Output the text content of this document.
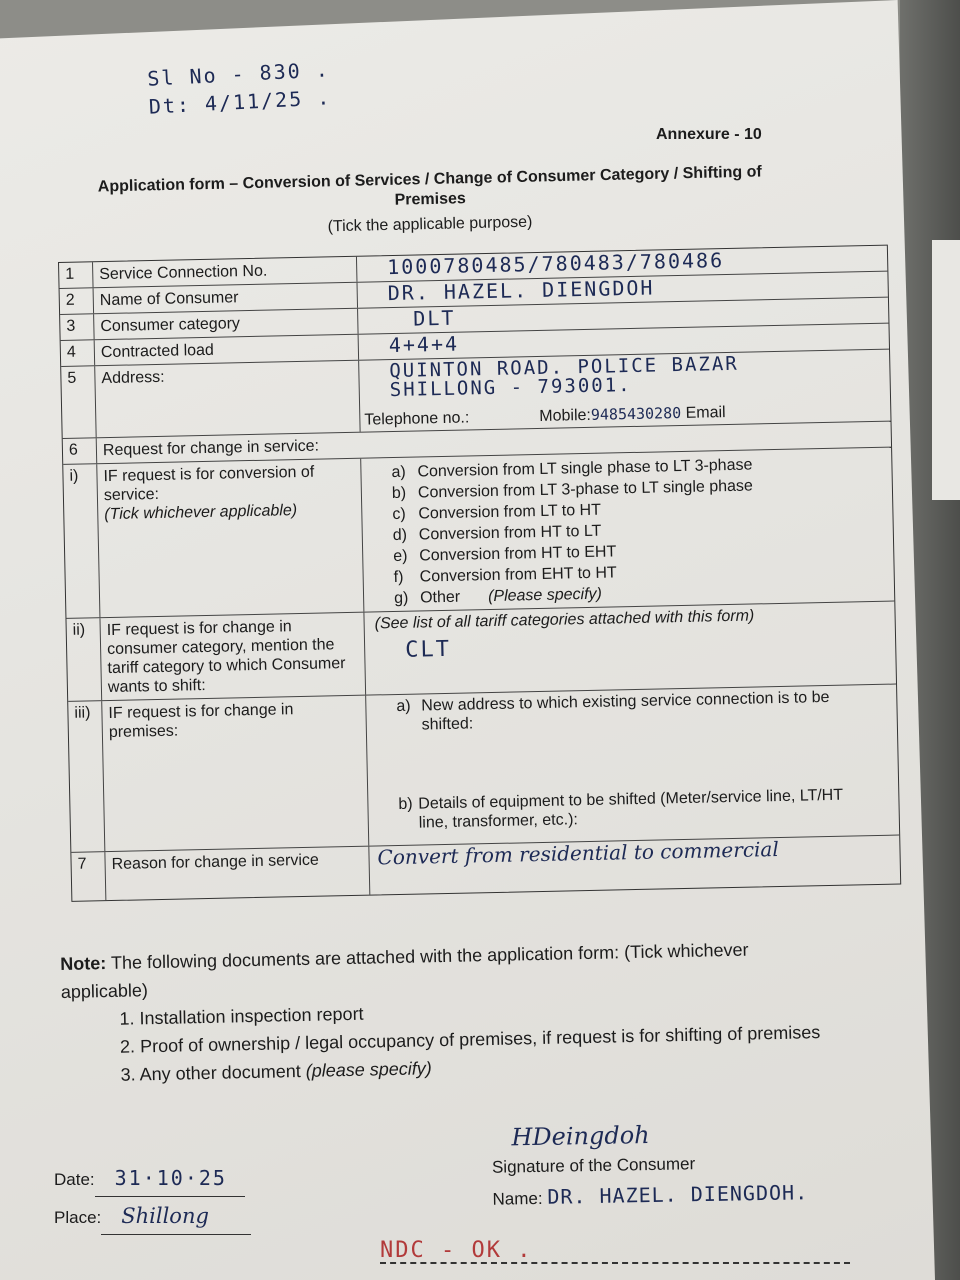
Sl No - 830 .
Dt: 4/11/25 .
Annexure - 10
Application form – Conversion of Services / Change of Consumer Category / Shifting of Premises
(Tick the applicable purpose)
1	Service Connection No.	1000780485/780483/780486
2	Name of Consumer	DR. HAZEL. DIENGDOH
3	Consumer category	DLT
4	Contracted load	4+4+4
5	Address:	QUINTON ROAD. POLICE BAZAR
SHILLONG - 793001.
Telephone no.:	Mobile:9485430280 Email
6	Request for change in service:
i)	IF request is for conversion of service:
(Tick whichever applicable)
a) Conversion from LT single phase to LT 3-phase
b) Conversion from LT 3-phase to LT single phase
c) Conversion from LT to HT
d) Conversion from HT to LT
e) Conversion from HT to EHT
f) Conversion from EHT to HT
g) Other (Please specify)
ii)	IF request is for change in consumer category, mention the tariff category to which Consumer wants to shift:
(See list of all tariff categories attached with this form)
CLT
iii)	IF request is for change in premises:
a) New address to which existing service connection is to be shifted:
b) Details of equipment to be shifted (Meter/service line, LT/HT line, transformer, etc.):
7	Reason for change in service	Convert from residential to commercial

Note: The following documents are attached with the application form: (Tick whichever applicable)

1. Installation inspection report
2. Proof of ownership / legal occupancy of premises, if request is for shifting of premises
3. Any other document (please specify)
Date: 31·10·25
Place: Shillong
HDeingdoh
Signature of the Consumer
Name: DR. HAZEL. DIENGDOH.
NDC - OK .
